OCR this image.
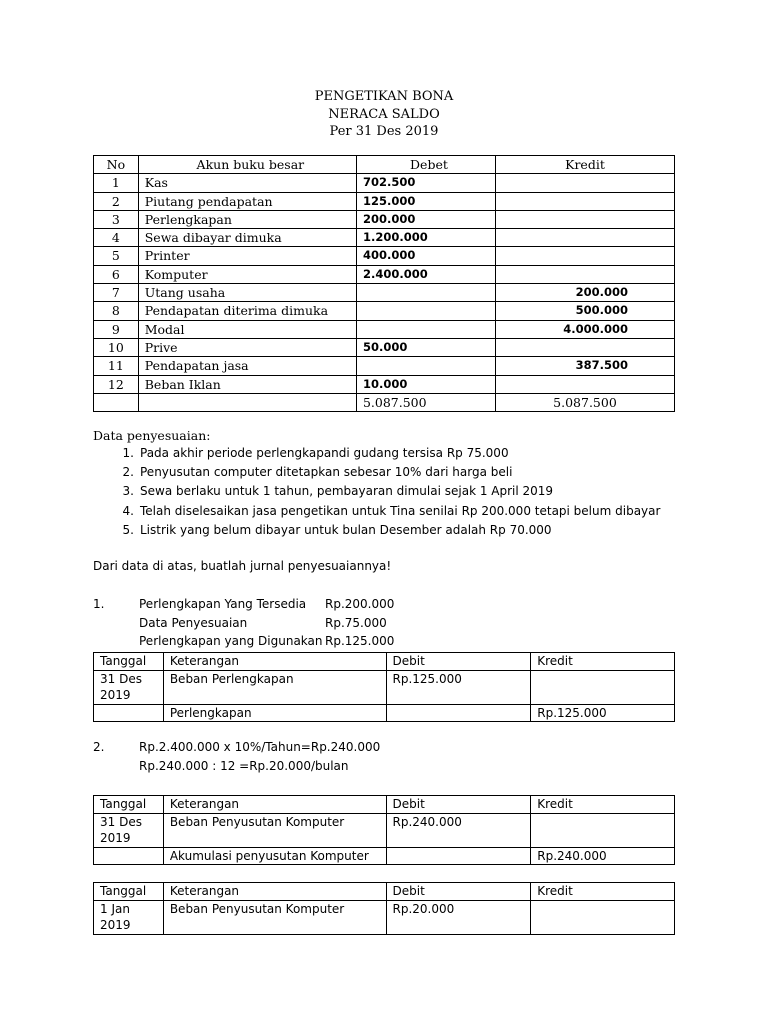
PENGETIKAN BONA
NERACA SALDO
Per 31 Des 2019
No	Akun buku besar	Debet	Kredit
1	Kas	702.500	
2	Piutang pendapatan	125.000	
3	Perlengkapan	200.000	
4	Sewa dibayar dimuka	1.200.000	
5	Printer	400.000	
6	Komputer	2.400.000	
7	Utang usaha		200.000
8	Pendapatan diterima dimuka		500.000
9	Modal		4.000.000
10	Prive	50.000	
11	Pendapatan jasa		387.500
12	Beban Iklan	10.000	
		5.087.500	5.087.500
Data penyesuaian:
1. Pada akhir periode perlengkapandi gudang tersisa Rp 75.000
2. Penyusutan computer ditetapkan sebesar 10% dari harga beli
3. Sewa berlaku untuk 1 tahun, pembayaran dimulai sejak 1 April 2019
4. Telah diselesaikan jasa pengetikan untuk Tina senilai Rp 200.000 tetapi belum dibayar
5. Listrik yang belum dibayar untuk bulan Desember adalah Rp 70.000
Dari data di atas, buatlah jurnal penyesuaiannya!
1.	Perlengkapan Yang Tersedia Rp.200.000
Data Penyesuaian	Rp.75.000
Perlengkapan yang Digunakan Rp.125.000
Tanggal	Keterangan	Debit	Kredit
31 Des 2019	Beban Perlengkapan	Rp.125.000	
	Perlengkapan		Rp.125.000
2.	Rp.2.400.000 x 10%/Tahun=Rp.240.000
Rp.240.000 : 12 =Rp.20.000/bulan
Tanggal	Keterangan	Debit	Kredit
31 Des 2019	Beban Penyusutan Komputer	Rp.240.000	
	Akumulasi penyusutan Komputer		Rp.240.000
Tanggal	Keterangan	Debit	Kredit
1 Jan 2019	Beban Penyusutan Komputer	Rp.20.000	
